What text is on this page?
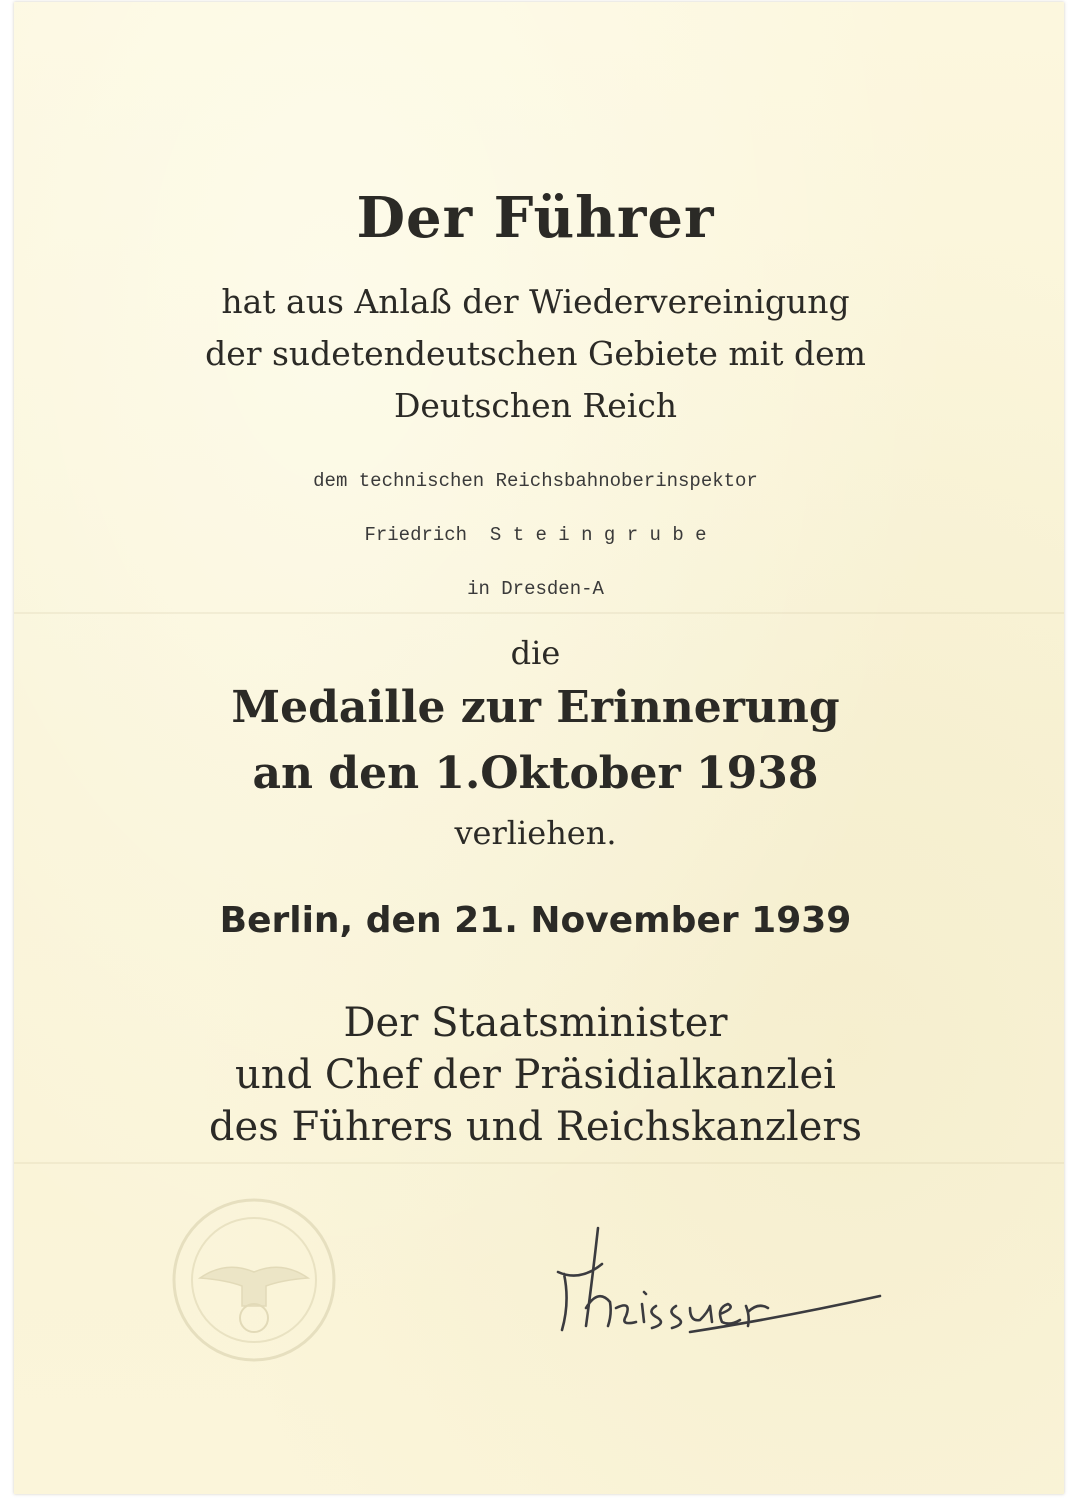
Der Führer
hat aus Anlaß der Wiedervereinigung
der sudetendeutschen Gebiete mit dem
Deutschen Reich
dem technischen Reichsbahnoberinspektor
Friedrich  S t e i n g r u b e
in Dresden-A
die
Medaille zur Erinnerung
an den 1.Oktober 1938
verliehen.
Berlin, den 21. November 1939
Der Staatsminister
und Chef der Präsidialkanzlei
des Führers und Reichskanzlers
